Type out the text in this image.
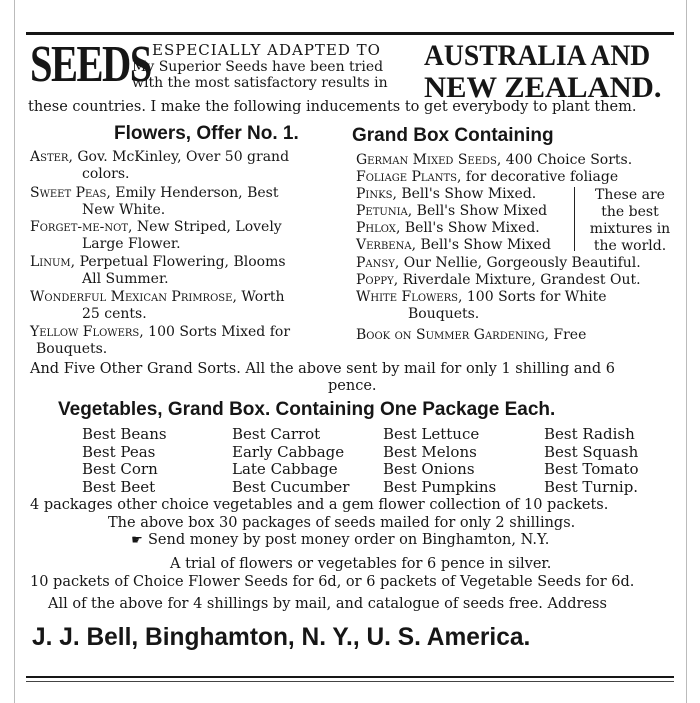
SEEDS ESPECIALLY ADAPTED TO
My Superior Seeds have been tried
with the most satisfactory results in
AUSTRALIA AND
NEW ZEALAND.
these countries. I make the following inducements to get everybody to plant them.
Flowers, Offer No. 1.
Aster, Gov. McKinley, Over 50 grand
colors.
Sweet Peas, Emily Henderson, Best
New White.
Forget-me-not, New Striped, Lovely
Large Flower.
Linum, Perpetual Flowering, Blooms
All Summer.
Wonderful Mexican Primrose, Worth
25 cents.
Yellow Flowers, 100 Sorts Mixed for
Bouquets.
Grand Box Containing
German Mixed Seeds, 400 Choice Sorts.
Foliage Plants, for decorative foliage
Pinks, Bell's Show Mixed.
Petunia, Bell's Show Mixed
Phlox, Bell's Show Mixed.
Verbena, Bell's Show Mixed
These are
the best
mixtures in
the world.
Pansy, Our Nellie, Gorgeously Beautiful.
Poppy, Riverdale Mixture, Grandest Out.
White Flowers, 100 Sorts for White
Bouquets.
Book on Summer Gardening, Free
And Five Other Grand Sorts. All the above sent by mail for only 1 shilling and 6
pence.
Vegetables, Grand Box. Containing One Package Each.
Best Beans
Best Peas
Best Corn
Best Beet
Best Carrot
Early Cabbage
Late Cabbage
Best Cucumber
Best Lettuce
Best Melons
Best Onions
Best Pumpkins
Best Radish
Best Squash
Best Tomato
Best Turnip.
4 packages other choice vegetables and a gem flower collection of 10 packets.
The above box 30 packages of seeds mailed for only 2 shillings.
☛ Send money by post money order on Binghamton, N.Y.
A trial of flowers or vegetables for 6 pence in silver.
10 packets of Choice Flower Seeds for 6d, or 6 packets of Vegetable Seeds for 6d.
All of the above for 4 shillings by mail, and catalogue of seeds free. Address
J. J. Bell, Binghamton, N. Y., U. S. America.
